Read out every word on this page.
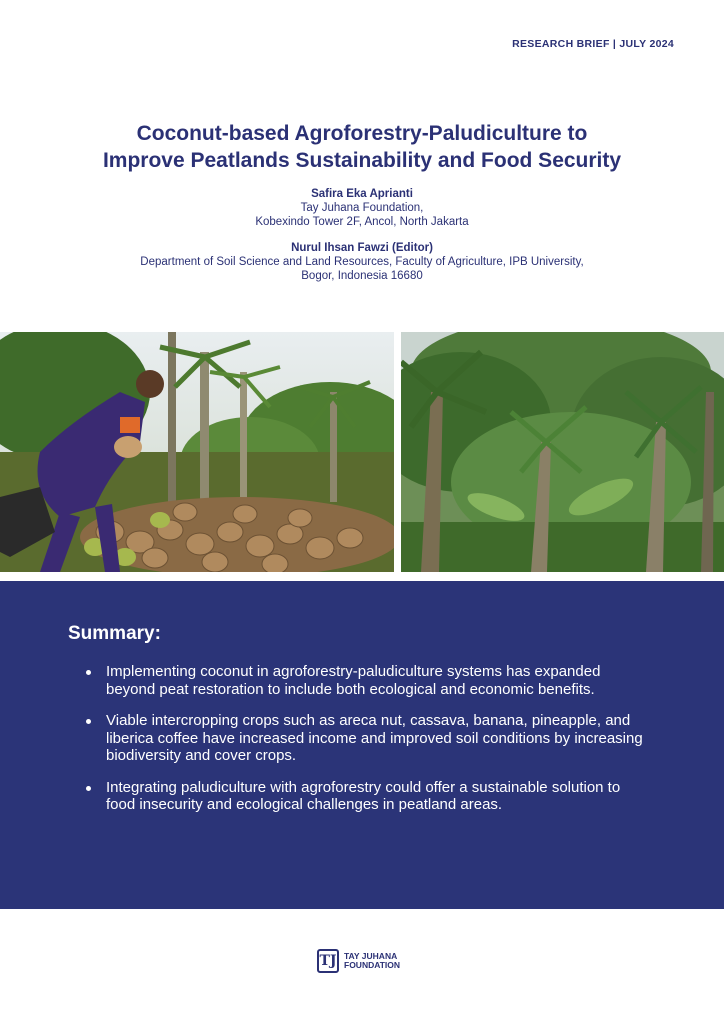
RESEARCH BRIEF | JULY 2024
Coconut-based Agroforestry-Paludiculture to
Improve Peatlands Sustainability and Food Security
Safira Eka Aprianti
Tay Juhana Foundation,
Kobexindo Tower 2F, Ancol, North Jakarta
Nurul Ihsan Fawzi (Editor)
Department of Soil Science and Land Resources, Faculty of Agriculture, IPB University,
Bogor, Indonesia 16680
Summary:
Implementing coconut in agroforestry-paludiculture systems has expanded beyond peat restoration to include both ecological and economic benefits.
Viable intercropping crops such as areca nut, cassava, banana, pineapple, and liberica coffee have increased income and improved soil conditions by increasing biodiversity and cover crops.
Integrating paludiculture with agroforestry could offer a sustainable solution to food insecurity and ecological challenges in peatland areas.
TJ TAY JUHANA
FOUNDATION
